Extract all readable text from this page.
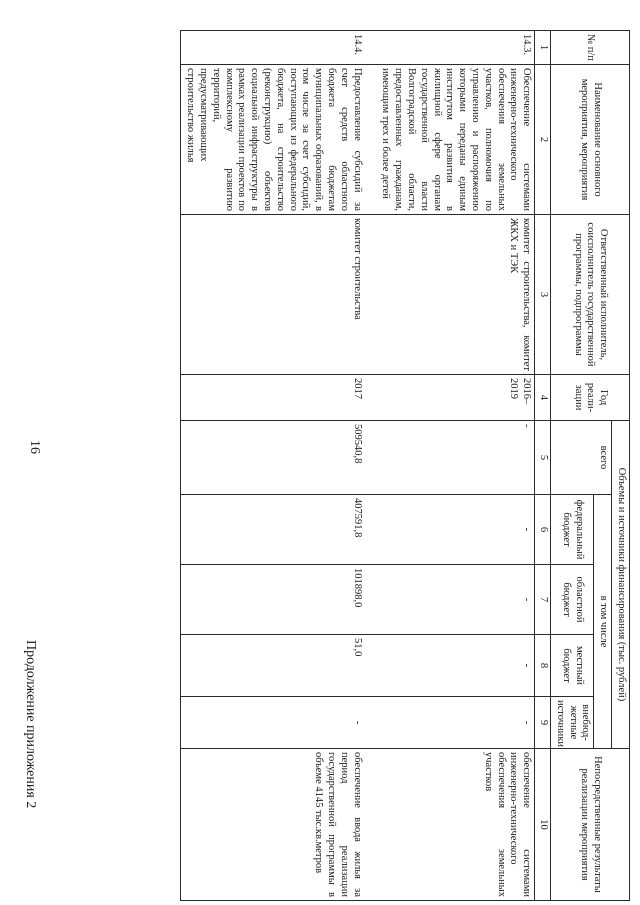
16
Продолжение приложения 2
№ п/п	Наименование основного мероприятия, мероприятия	Ответственный исполнитель, соисполнитель государственной программы, подпрограммы	Год реали-зации	Объемы и источники финансирования (тыс. рублей)					Непосредственные результаты реализации мероприятия
				всего	в том числе				
					федеральный бюджет	областной бюджет	местный бюджет	внебюд-жетные источники	
1	2	3	4	5	6	7	8	9	10
14.3.	Обеспечение системами инженерно-технического обеспечения земельных участков, полномочия по управлению и распоряжению которыми переданы единым институтом развития в жилищной сфере органам государственной власти Волгоградской области, предоставленных гражданам, имеющим трех и более детей	комитет строительства, комитет ЖКХ и ТЭК	2016–2019	-	-	-	-	-	обеспечение системами инженерно-технического обеспечения земельных участков
14.4.	Предоставление субсидий за счет средств областного бюджета бюджетам муниципальных образований, в том числе за счет субсидий, поступающих из федерального бюджета, на строительство (реконструкцию) объектов социальной инфраструктуры в рамках реализации проектов по комплексному развитию территорий, предусматривающих строительство жилья	комитет строительства	2017	509540,8	407591,8	101898,0	51,0	-	обеспечение ввода жилья за период реализации государственной программы в объеме 4145 тыс.кв.метров
